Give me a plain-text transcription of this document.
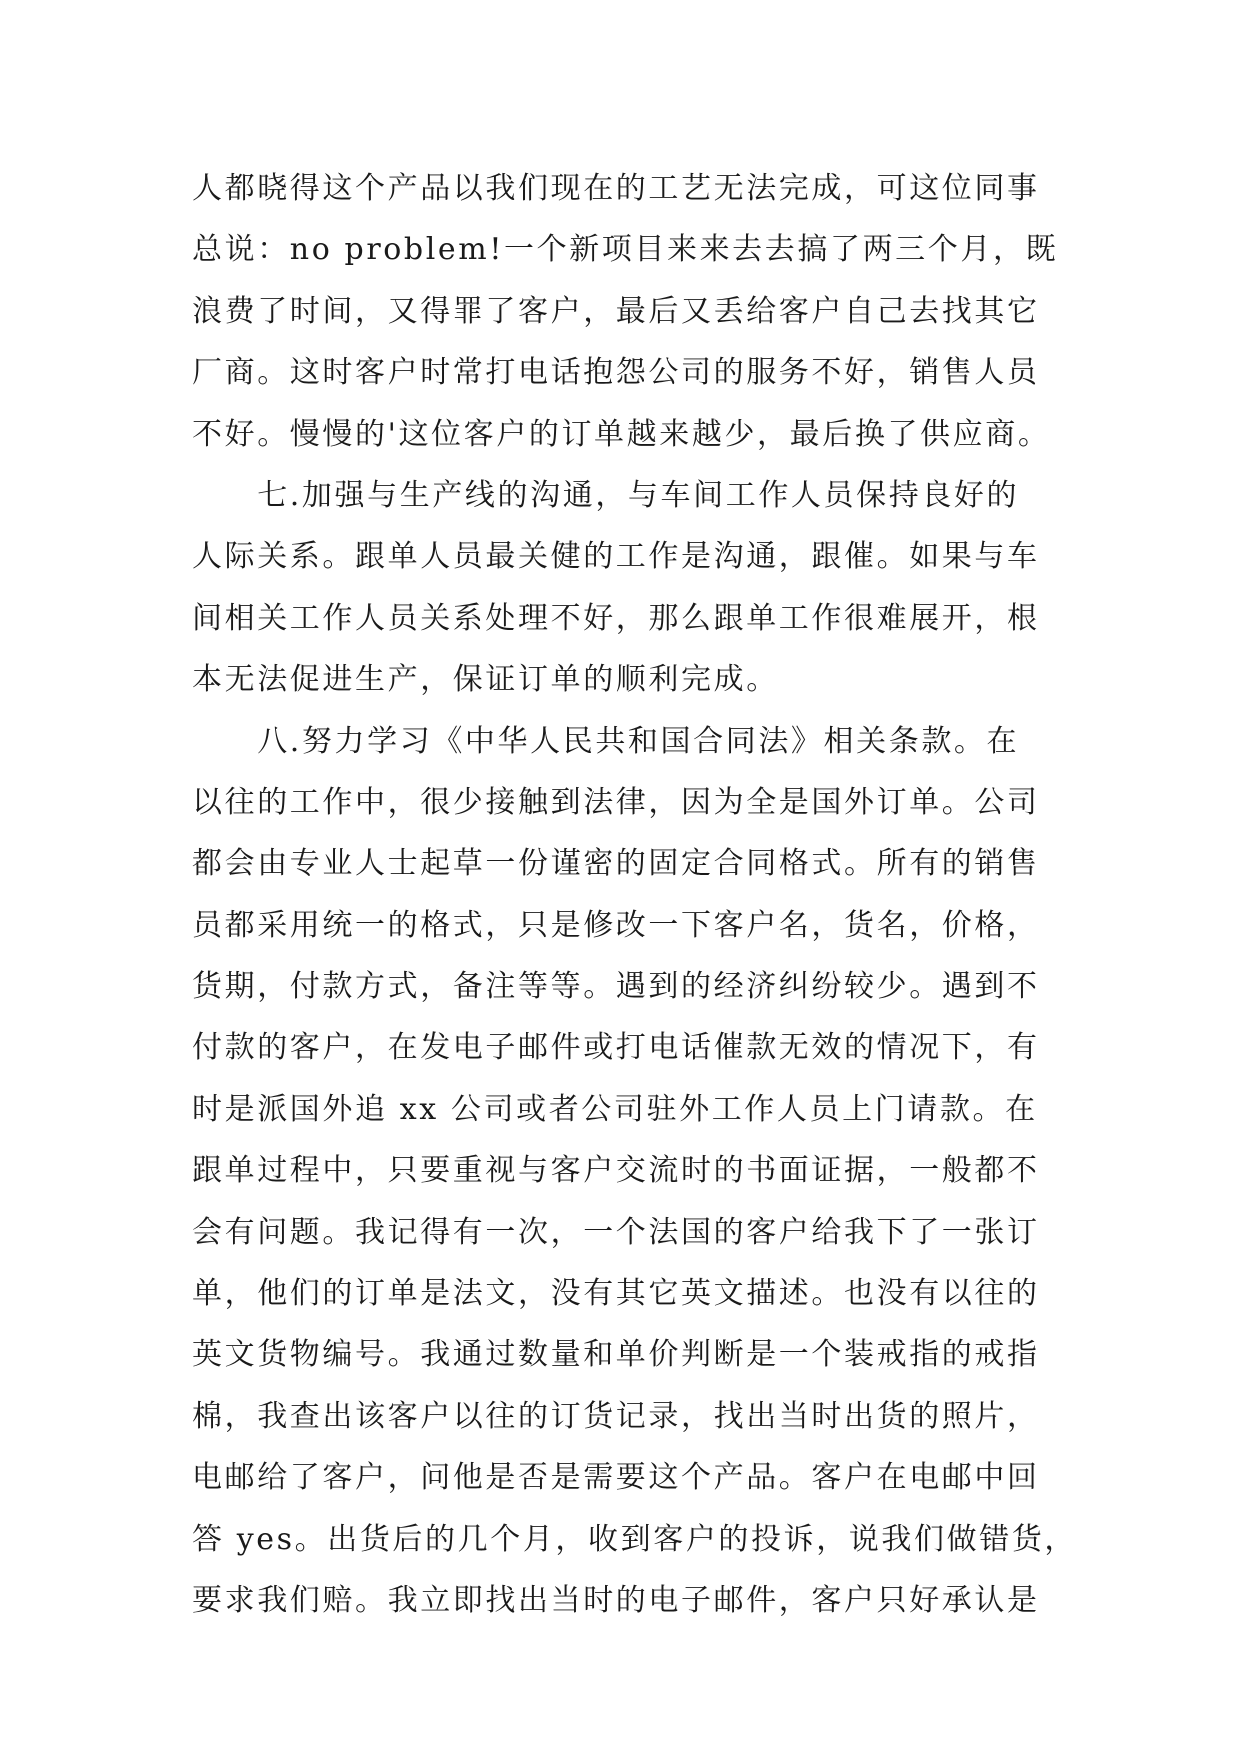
人都晓得这个产品以我们现在的工艺无法完成，可这位同事
总说：no problem!一个新项目来来去去搞了两三个月，既
浪费了时间，又得罪了客户，最后又丢给客户自己去找其它
厂商。这时客户时常打电话抱怨公司的服务不好，销售人员
不好。慢慢的'这位客户的订单越来越少，最后换了供应商。
　　七.加强与生产线的沟通，与车间工作人员保持良好的
人际关系。跟单人员最关健的工作是沟通，跟催。如果与车
间相关工作人员关系处理不好，那么跟单工作很难展开，根
本无法促进生产，保证订单的顺利完成。
　　八.努力学习《中华人民共和国合同法》相关条款。在
以往的工作中，很少接触到法律，因为全是国外订单。公司
都会由专业人士起草一份谨密的固定合同格式。所有的销售
员都采用统一的格式，只是修改一下客户名，货名，价格，
货期，付款方式，备注等等。遇到的经济纠纷较少。遇到不
付款的客户，在发电子邮件或打电话催款无效的情况下，有
时是派国外追 xx 公司或者公司驻外工作人员上门请款。在
跟单过程中，只要重视与客户交流时的书面证据，一般都不
会有问题。我记得有一次，一个法国的客户给我下了一张订
单，他们的订单是法文，没有其它英文描述。也没有以往的
英文货物编号。我通过数量和单价判断是一个装戒指的戒指
棉，我查出该客户以往的订货记录，找出当时出货的照片，
电邮给了客户，问他是否是需要这个产品。客户在电邮中回
答 yes。出货后的几个月，收到客户的投诉，说我们做错货，
要求我们赔。我立即找出当时的电子邮件，客户只好承认是
